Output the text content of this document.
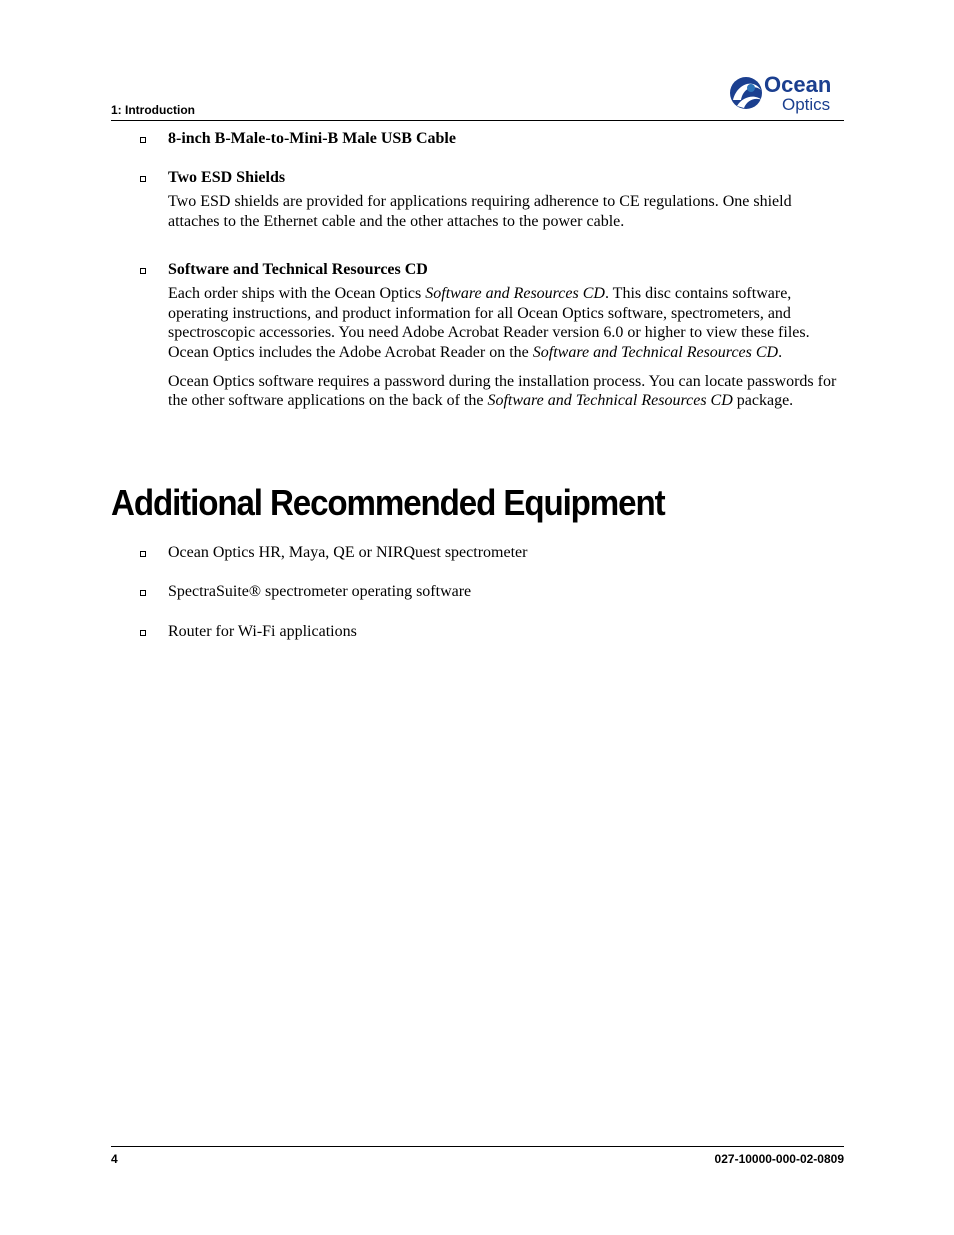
1: Introduction
Ocean
Optics
8-inch B-Male-to-Mini-B Male USB Cable
Two ESD Shields

Two ESD shields are provided for applications requiring adherence to CE regulations. One shield attaches to the Ethernet cable and the other attaches to the power cable.

Software and Technical Resources CD

Each order ships with the Ocean Optics Software and Resources CD. This disc contains software, operating instructions, and product information for all Ocean Optics software, spectrometers, and spectroscopic accessories. You need Adobe Acrobat Reader version 6.0 or higher to view these files. Ocean Optics includes the Adobe Acrobat Reader on the Software and Technical Resources CD.

Ocean Optics software requires a password during the installation process. You can locate passwords for the other software applications on the back of the Software and Technical Resources CD package.

Additional Recommended Equipment
Ocean Optics HR, Maya, QE or NIRQuest spectrometer
SpectraSuite® spectrometer operating software
Router for Wi-Fi applications
4	027-10000-000-02-0809
